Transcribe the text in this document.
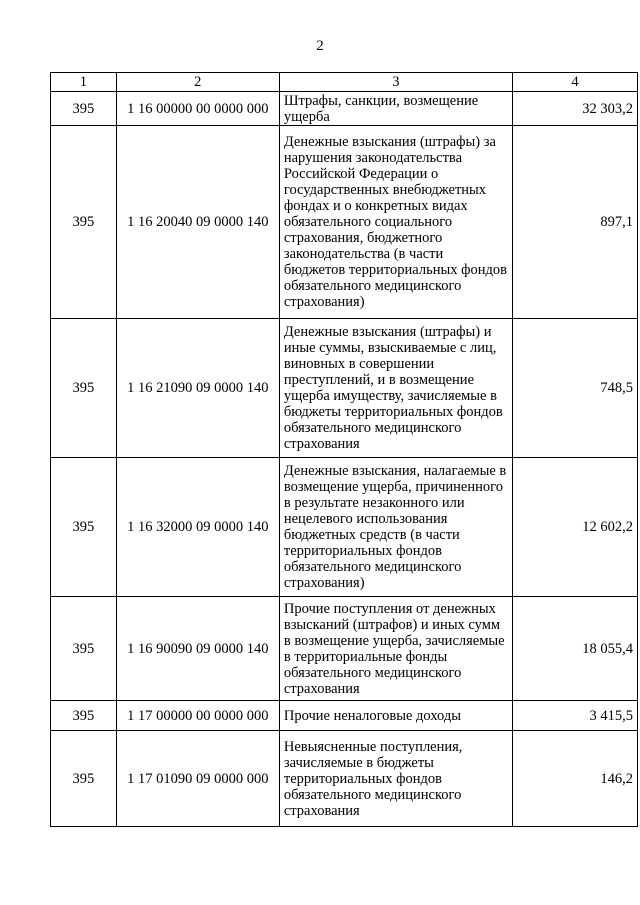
2
1	2	3	4
395	1 16 00000 00 0000 000	Штрафы, санкции, возмещение ущерба	32 303,2
395	1 16 20040 09 0000 140	Денежные взыскания (штрафы) за нарушения законодательства Российской Федерации о государственных внебюджетных фондах и о конкретных видах обязательного социального страхования, бюджетного законодательства (в части бюджетов территориальных фондов обязательного медицинского страхования)	897,1
395	1 16 21090 09 0000 140	Денежные взыскания (штрафы) и иные суммы, взыскиваемые с лиц, виновных в совершении преступлений, и в возмещение ущерба имуществу, зачисляемые в бюджеты территориальных фондов обязательного медицинского страхования	748,5
395	1 16 32000 09 0000 140	Денежные взыскания, налагаемые в возмещение ущерба, причиненного в результате незаконного или нецелевого использования бюджетных средств (в части территориальных фондов обязательного медицинского страхования)	12 602,2
395	1 16 90090 09 0000 140	Прочие поступления от денежных взысканий (штрафов) и иных сумм в возмещение ущерба, зачисляемые в территориальные фонды обязательного медицинского страхования	18 055,4
395	1 17 00000 00 0000 000	Прочие неналоговые доходы	3 415,5
395	1 17 01090 09 0000 000	Невыясненные поступления, зачисляемые в бюджеты территориальных фондов обязательного медицинского страхования	146,2
